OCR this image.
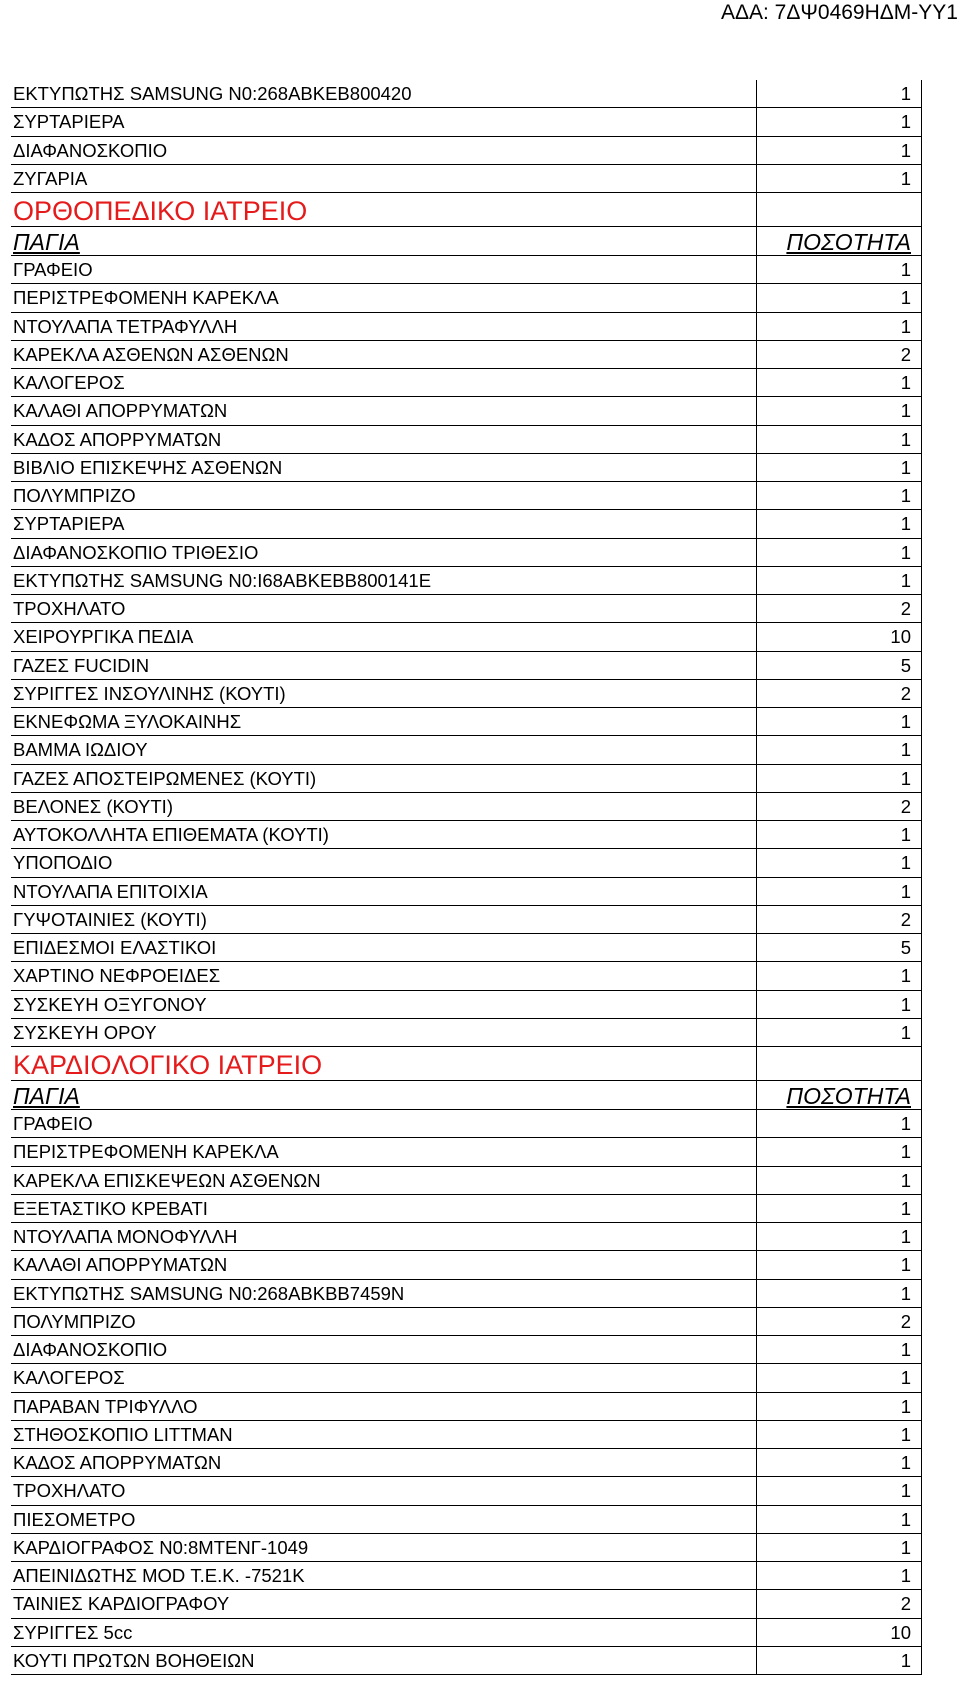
ΑΔΑ: 7ΔΨ0469ΗΔΜ-ΥΥ1
ΕΚΤΥΠΩΤΗΣ SAMSUNG N0:268ABKEB800420	1
ΣΥΡΤΑΡΙΕΡΑ	1
ΔΙΑΦΑΝΟΣΚΟΠΙΟ	1
ΖΥΓΑΡΙΑ	1
ΟΡΘΟΠΕΔΙΚΟ ΙΑΤΡΕΙΟ
ΠΑΓΙΑ	ΠΟΣΟΤΗΤΑ
ΓΡΑΦΕΙΟ	1
ΠΕΡΙΣΤΡΕΦΟΜΕΝΗ ΚΑΡΕΚΛΑ	1
ΝΤΟΥΛΑΠΑ ΤΕΤΡΑΦΥΛΛΗ	1
ΚΑΡΕΚΛΑ ΑΣΘΕΝΩΝ ΑΣΘΕΝΩΝ	2
ΚΑΛΟΓΕΡΟΣ	1
ΚΑΛΑΘΙ ΑΠΟΡΡΥΜΑΤΩΝ	1
ΚΑΔΟΣ ΑΠΟΡΡΥΜΑΤΩΝ	1
ΒΙΒΛΙΟ ΕΠΙΣΚΕΨΗΣ ΑΣΘΕΝΩΝ	1
ΠΟΛΥΜΠΡΙΖΟ	1
ΣΥΡΤΑΡΙΕΡΑ	1
ΔΙΑΦΑΝΟΣΚΟΠΙΟ ΤΡΙΘΕΣΙΟ	1
ΕΚΤΥΠΩΤΗΣ SAMSUNG N0:I68ABKEBB800141E	1
ΤΡΟΧΗΛΑΤΟ	2
ΧΕΙΡΟΥΡΓΙΚΑ ΠΕΔΙΑ	10
ΓΑΖΕΣ FUCIDIN	5
ΣΥΡΙΓΓΕΣ ΙΝΣΟΥΛΙΝΗΣ (ΚΟΥΤΙ)	2
ΕΚΝΕΦΩΜΑ ΞΥΛΟΚΑΙΝΗΣ	1
ΒΑΜΜΑ ΙΩΔΙΟΥ	1
ΓΑΖΕΣ ΑΠΟΣΤΕΙΡΩΜΕΝΕΣ (ΚΟΥΤΙ)	1
ΒΕΛΟΝΕΣ (ΚΟΥΤΙ)	2
ΑΥΤΟΚΟΛΛΗΤΑ ΕΠΙΘΕΜΑΤΑ (ΚΟΥΤΙ)	1
ΥΠΟΠΟΔΙΟ	1
ΝΤΟΥΛΑΠΑ ΕΠΙΤΟΙΧΙΑ	1
ΓΥΨΟΤΑΙΝΙΕΣ (ΚΟΥΤΙ)	2
ΕΠΙΔΕΣΜΟΙ ΕΛΑΣΤΙΚΟΙ	5
ΧΑΡΤΙΝΟ ΝΕΦΡΟΕΙΔΕΣ	1
ΣΥΣΚΕΥΗ ΟΞΥΓΟΝΟΥ	1
ΣΥΣΚΕΥΗ ΟΡΟΥ	1
ΚΑΡΔΙΟΛΟΓΙΚΟ ΙΑΤΡΕΙΟ
ΠΑΓΙΑ	ΠΟΣΟΤΗΤΑ
ΓΡΑΦΕΙΟ	1
ΠΕΡΙΣΤΡΕΦΟΜΕΝΗ ΚΑΡΕΚΛΑ	1
ΚΑΡΕΚΛΑ ΕΠΙΣΚΕΨΕΩΝ ΑΣΘΕΝΩΝ	1
ΕΞΕΤΑΣΤΙΚΟ ΚΡΕΒΑΤΙ	1
ΝΤΟΥΛΑΠΑ ΜΟΝΟΦΥΛΛΗ	1
ΚΑΛΑΘΙ ΑΠΟΡΡΥΜΑΤΩΝ	1
ΕΚΤΥΠΩΤΗΣ SAMSUNG N0:268ABKBB7459N	1
ΠΟΛΥΜΠΡΙΖΟ	2
ΔΙΑΦΑΝΟΣΚΟΠΙΟ	1
ΚΑΛΟΓΕΡΟΣ	1
ΠΑΡΑΒΑΝ ΤΡΙΦΥΛΛΟ	1
ΣΤΗΘΟΣΚΟΠΙΟ LITTMAN	1
ΚΑΔΟΣ ΑΠΟΡΡΥΜΑΤΩΝ	1
ΤΡΟΧΗΛΑΤΟ	1
ΠΙΕΣΟΜΕΤΡΟ	1
ΚΑΡΔΙΟΓΡΑΦΟΣ N0:8ΜΤΕΝΓ-1049	1
ΑΠΕΙΝΙΔΩΤΗΣ MOD Τ.Ε.Κ. -7521K	1
ΤΑΙΝΙΕΣ ΚΑΡΔΙΟΓΡΑΦΟΥ	2
ΣΥΡΙΓΓΕΣ 5cc	10
ΚΟΥΤΙ ΠΡΩΤΩΝ ΒΟΗΘΕΙΩΝ	1
